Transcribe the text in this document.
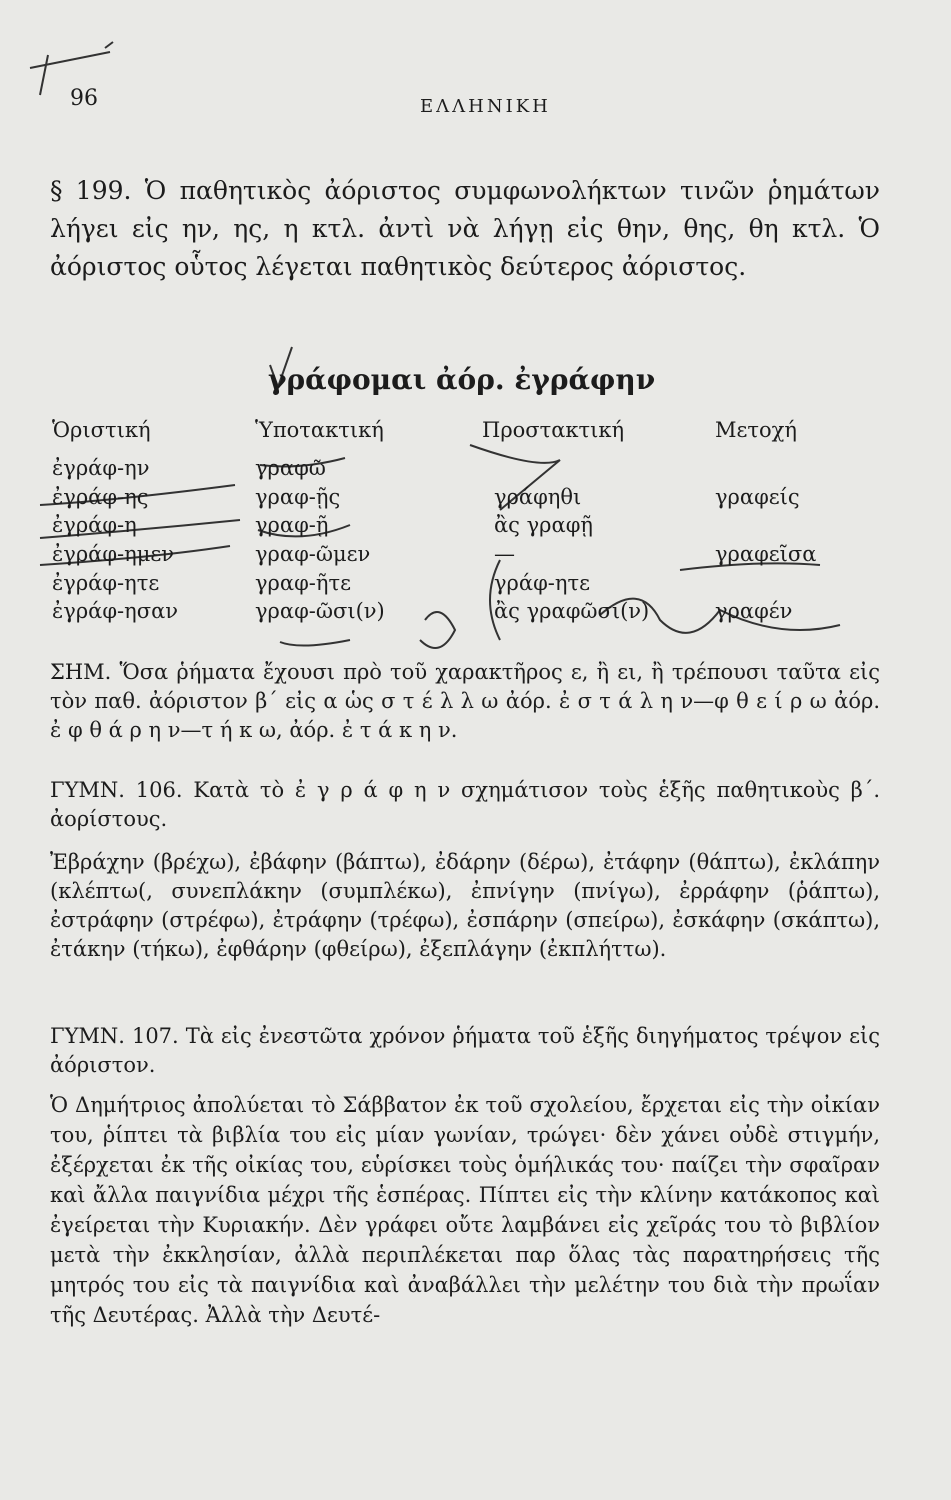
96	ΕΛΛΗΝΙΚΗ
§ 199. Ὁ παθητικὸς ἀόριστος συμφωνολήκτων τινῶν ῥημάτων λήγει εἰς ην, ης, η κτλ. ἀντὶ νὰ λήγῃ εἰς θην, θης, θη κτλ. Ὁ ἀόριστος οὗτος λέγεται παθητικὸς δεύτερος ἀόριστος.
γράφομαι ἀόρ. ἐγράφην
Ὁριστική
ἐγράφ-ην
ἐγράφ-ης
ἐγράφ-η
ἐγράφ-ημεν
ἐγράφ-ητε
ἐγράφ-ησαν
Ὑποτακτική
γραφῶ
γραφ-ῇς
γραφ-ῇ
γραφ-ῶμεν
γραφ-ῆτε
γραφ-ῶσι(ν)
Προστακτική
γράφηθι
ἂς γραφῇ
—
γράφ-ητε
ἂς γραφῶσι(ν)
Μετοχή
γραφείς
γραφεῖσα
γραφέν
ΣΗΜ. Ὅσα ῥήματα ἔχουσι πρὸ τοῦ χαρακτῆρος ε, ἢ ει, ἢ τρέπουσι ταῦτα εἰς τὸν παθ. ἀόριστον β΄ εἰς α ὡς σ τ έ λ λ ω ἀόρ. ἐ σ τ ά λ η ν—φ θ ε ί ρ ω ἀόρ. ἐ φ θ ά ρ η ν—τ ή κ ω, ἀόρ. ἐ τ ά κ η ν.
ΓΥΜΝ. 106. Κατὰ τὸ ἐ γ ρ ά φ η ν σχημάτισον τοὺς ἑξῆς παθητικοὺς β΄. ἀορίστους.
Ἐβράχην (βρέχω), ἐβάφην (βάπτω), ἐδάρην (δέρω), ἐτάφην (θάπτω), ἐκλάπην (κλέπτω(, συνεπλάκην (συμπλέκω), ἐπνίγην (πνίγω), ἐρράφην (ῥάπτω), ἐστράφην (στρέφω), ἐτράφην (τρέφω), ἐσπάρην (σπείρω), ἐσκάφην (σκάπτω), ἐτάκην (τήκω), ἐφθάρην (φθείρω), ἐξεπλάγην (ἐκπλήττω).
ΓΥΜΝ. 107. Τὰ εἰς ἐνεστῶτα χρόνον ῥήματα τοῦ ἑξῆς διηγήματος τρέψον εἰς ἀόριστον.
Ὁ Δημήτριος ἀπολύεται τὸ Σάββατον ἐκ τοῦ σχολείου, ἔρχεται εἰς τὴν οἰκίαν του, ῥίπτει τὰ βιβλία του εἰς μίαν γωνίαν, τρώγει· δὲν χάνει οὐδὲ στιγμήν, ἐξέρχεται ἐκ τῆς οἰκίας του, εὑρίσκει τοὺς ὁμήλικάς του· παίζει τὴν σφαῖραν καὶ ἄλλα παιγνίδια μέχρι τῆς ἑσπέρας. Πίπτει εἰς τὴν κλίνην κατάκοπος καὶ ἐγείρεται τὴν Κυριακήν. Δὲν γράφει οὔτε λαμβάνει εἰς χεῖράς του τὸ βιβλίον μετὰ τὴν ἐκκλησίαν, ἀλλὰ περιπλέκεται παρ ὅλας τὰς παρατηρήσεις τῆς μητρός του εἰς τὰ παιγνίδια καὶ ἀναβάλλει τὴν μελέτην του διὰ τὴν πρωΐαν τῆς Δευτέρας. Ἀλλὰ τὴν Δευτέ-
